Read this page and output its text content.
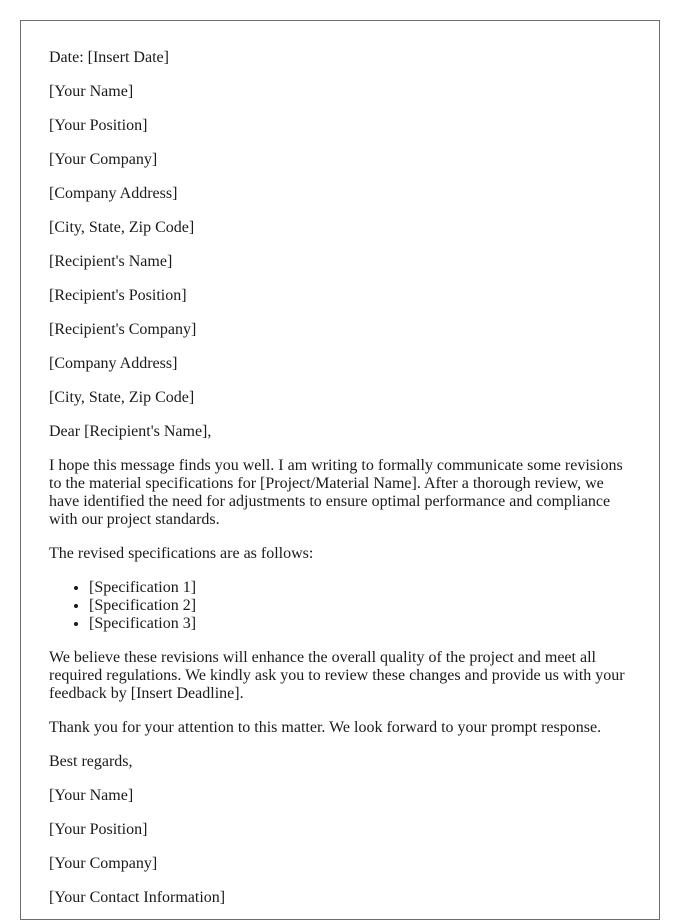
Date: [Insert Date]

[Your Name]

[Your Position]

[Your Company]

[Company Address]

[City, State, Zip Code]

[Recipient's Name]

[Recipient's Position]

[Recipient's Company]

[Company Address]

[City, State, Zip Code]

Dear [Recipient's Name],

I hope this message finds you well. I am writing to formally communicate some revisions to the material specifications for [Project/Material Name]. After a thorough review, we have identified the need for adjustments to ensure optimal performance and compliance with our project standards.

The revised specifications are as follows:

• [Specification 1]
• [Specification 2]
• [Specification 3]

We believe these revisions will enhance the overall quality of the project and meet all required regulations. We kindly ask you to review these changes and provide us with your feedback by [Insert Deadline].

Thank you for your attention to this matter. We look forward to your prompt response.

Best regards,

[Your Name]

[Your Position]

[Your Company]

[Your Contact Information]
